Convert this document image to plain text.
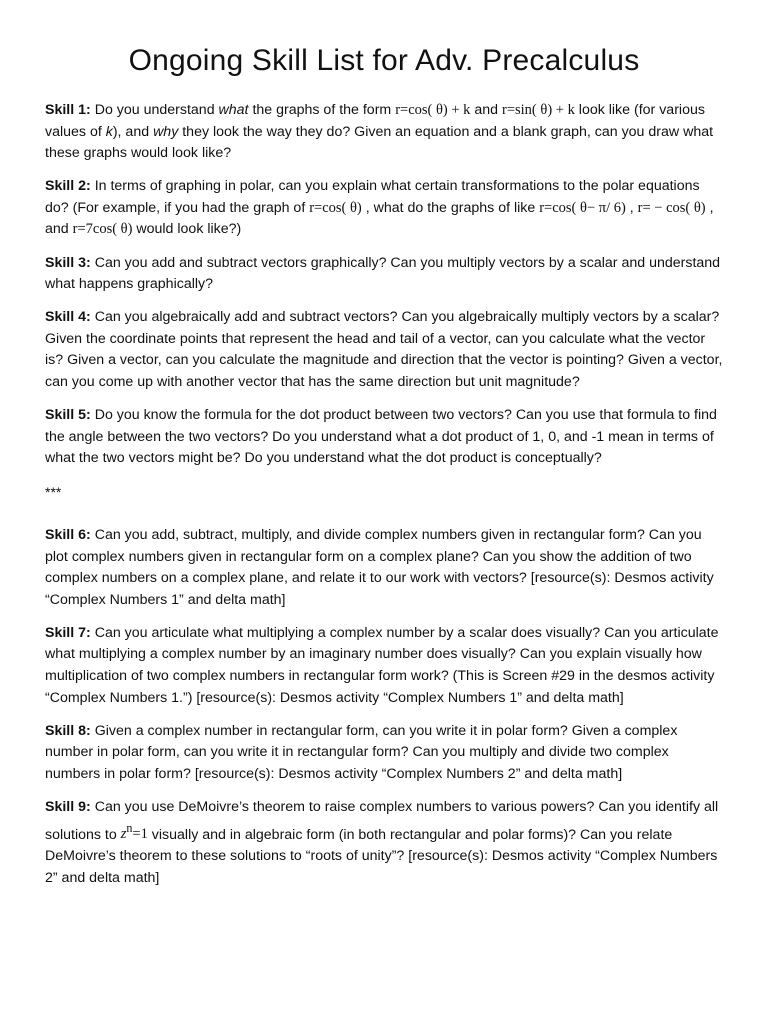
Ongoing Skill List for Adv. Precalculus

Skill 1: Do you understand what the graphs of the form r=cos( θ) + k and r=sin( θ) + k look like (for various values of k), and why they look the way they do? Given an equation and a blank graph, can you draw what these graphs would look like?

Skill 2: In terms of graphing in polar, can you explain what certain transformations to the polar equations do? (For example, if you had the graph of r=cos( θ) , what do the graphs of like r=cos( θ− π/ 6) , r= − cos( θ) , and r=7cos( θ) would look like?)

Skill 3: Can you add and subtract vectors graphically? Can you multiply vectors by a scalar and understand what happens graphically?

Skill 4: Can you algebraically add and subtract vectors? Can you algebraically multiply vectors by a scalar? Given the coordinate points that represent the head and tail of a vector, can you calculate what the vector is? Given a vector, can you calculate the magnitude and direction that the vector is pointing? Given a vector, can you come up with another vector that has the same direction but unit magnitude?

Skill 5: Do you know the formula for the dot product between two vectors? Can you use that formula to find the angle between the two vectors? Do you understand what a dot product of 1, 0, and -1 mean in terms of what the two vectors might be? Do you understand what the dot product is conceptually?

***

Skill 6: Can you add, subtract, multiply, and divide complex numbers given in rectangular form? Can you plot complex numbers given in rectangular form on a complex plane? Can you show the addition of two complex numbers on a complex plane, and relate it to our work with vectors? [resource(s): Desmos activity “Complex Numbers 1” and delta math]

Skill 7: Can you articulate what multiplying a complex number by a scalar does visually? Can you articulate what multiplying a complex number by an imaginary number does visually? Can you explain visually how multiplication of two complex numbers in rectangular form work? (This is Screen #29 in the desmos activity “Complex Numbers 1.”) [resource(s): Desmos activity “Complex Numbers 1” and delta math]

Skill 8: Given a complex number in rectangular form, can you write it in polar form? Given a complex number in polar form, can you write it in rectangular form? Can you multiply and divide two complex numbers in polar form? [resource(s): Desmos activity “Complex Numbers 2” and delta math]

Skill 9: Can you use DeMoivre’s theorem to raise complex numbers to various powers? Can you identify all solutions to $z^n=1$ visually and in algebraic form (in both rectangular and polar forms)? Can you relate DeMoivre’s theorem to these solutions to “roots of unity”? [resource(s): Desmos activity “Complex Numbers 2” and delta math]
